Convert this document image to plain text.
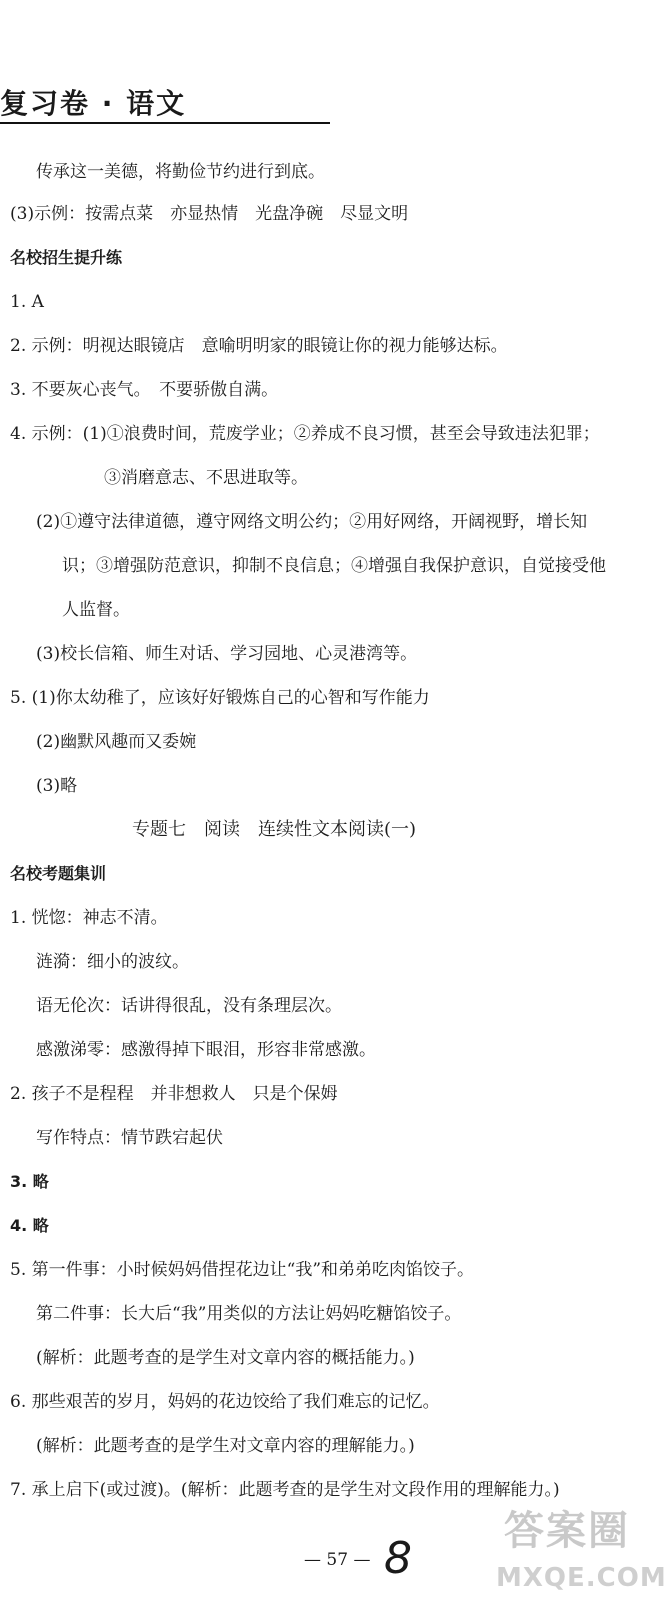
复习卷 · 语文
传承这一美德，将勤俭节约进行到底。
(3)示例：按需点菜　亦显热情　光盘净碗　尽显文明
名校招生提升练
1. A
2. 示例：明视达眼镜店　意喻明明家的眼镜让你的视力能够达标。
3. 不要灰心丧气。　不要骄傲自满。
4. 示例：(1)①浪费时间，荒废学业；②养成不良习惯，甚至会导致违法犯罪；
③消磨意志、不思进取等。
(2)①遵守法律道德，遵守网络文明公约；②用好网络，开阔视野，增长知
识；③增强防范意识，抑制不良信息；④增强自我保护意识，自觉接受他
人监督。
(3)校长信箱、师生对话、学习园地、心灵港湾等。
5. (1)你太幼稚了，应该好好锻炼自己的心智和写作能力
(2)幽默风趣而又委婉
(3)略
专题七　阅读　连续性文本阅读(一)
名校考题集训
1. 恍惚：神志不清。
涟漪：细小的波纹。
语无伦次：话讲得很乱，没有条理层次。
感激涕零：感激得掉下眼泪，形容非常感激。
2. 孩子不是程程　并非想救人　只是个保姆
写作特点：情节跌宕起伏
3. 略
4. 略
5. 第一件事：小时候妈妈借捏花边让“我”和弟弟吃肉馅饺子。
第二件事：长大后“我”用类似的方法让妈妈吃糖馅饺子。
(解析：此题考查的是学生对文章内容的概括能力。)
6. 那些艰苦的岁月，妈妈的花边饺给了我们难忘的记忆。
(解析：此题考查的是学生对文章内容的理解能力。)
7. 承上启下(或过渡)。(解析：此题考查的是学生对文段作用的理解能力。)
— 57 — 8
答案圈
MXQE.COM
